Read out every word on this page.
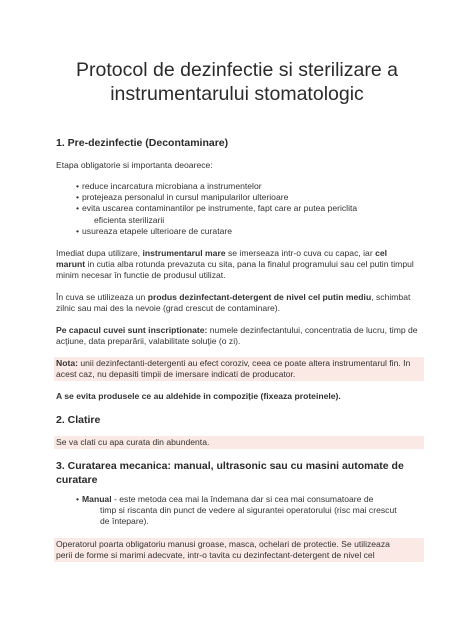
Protocol de dezinfectie si sterilizare a instrumentarului stomatologic
1. Pre-dezinfectie (Decontaminare)
Etapa obligatorie si importanta deoarece:
• reduce incarcatura microbiana a instrumentelor
• protejeaza personalul in cursul manipularilor ulterioare
• evita uscarea contaminantilor pe instrumente, fapt care ar putea periclita
eficienta sterilizarii
• usureaza etapele ulterioare de curatare
Imediat dupa utilizare, instrumentarul mare se imerseaza intr-o cuva cu capac, iar cel marunt in cutia alba rotunda prevazuta cu sita, pana la finalul programului sau cel putin timpul minim necesar în functie de produsul utilizat.
În cuva se utilizeaza un produs dezinfectant-detergent de nivel cel putin mediu, schimbat zilnic sau mai des la nevoie (grad crescut de contaminare).
Pe capacul cuvei sunt inscriptionate: numele dezinfectantului, concentratia de lucru, timp de acţiune, data preparării, valabilitate soluţie (o zi).
Nota: unii dezinfectanti-detergenti au efect coroziv, ceea ce poate altera instrumentarul fin. In acest caz, nu depasiti timpii de imersare indicati de producator.
A se evita produsele ce au aldehide in compoziție (fixeaza proteinele).
2. Clatire
Se va clati cu apa curata din abundenta.
3. Curatarea mecanica: manual, ultrasonic sau cu masini automate de
curatare
• Manual - este metoda cea mai la îndemana dar si cea mai consumatoare de
timp si riscanta din punct de vedere al sigurantei operatorului (risc mai crescut
de întepare).
Operatorul poarta obligatoriu manusi groase, masca, ochelari de protectie. Se utilizeaza
perii de forme si marimi adecvate, intr-o tavita cu dezinfectant-detergent de nivel cel
